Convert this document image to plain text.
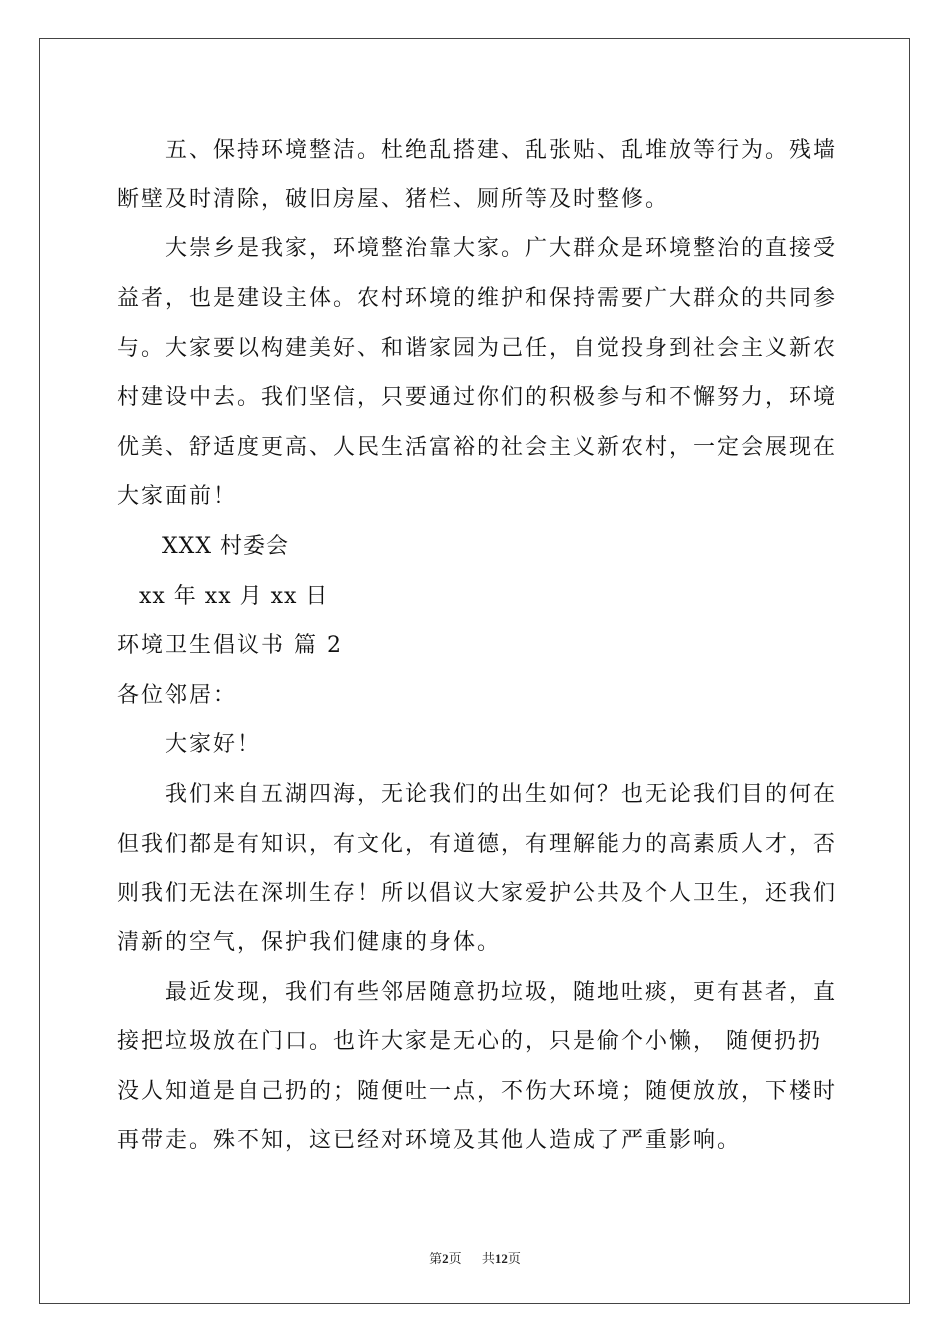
五、保持环境整洁。杜绝乱搭建、乱张贴、乱堆放等行为。残墙
断壁及时清除，破旧房屋、猪栏、厕所等及时整修。
大崇乡是我家，环境整治靠大家。广大群众是环境整治的直接受
益者，也是建设主体。农村环境的维护和保持需要广大群众的共同参
与。大家要以构建美好、和谐家园为己任，自觉投身到社会主义新农
村建设中去。我们坚信，只要通过你们的积极参与和不懈努力，环境
优美、舒适度更高、人民生活富裕的社会主义新农村，一定会展现在
大家面前！
XXX 村委会
xx 年 xx 月 xx 日
环境卫生倡议书 篇 2
各位邻居：
大家好！
我们来自五湖四海，无论我们的出生如何？也无论我们目的何在
但我们都是有知识，有文化，有道德，有理解能力的高素质人才，否
则我们无法在深圳生存！所以倡议大家爱护公共及个人卫生，还我们
清新的空气，保护我们健康的身体。
最近发现，我们有些邻居随意扔垃圾，随地吐痰，更有甚者，直
接把垃圾放在门口。也许大家是无心的，只是偷个小懒， 随便扔扔
没人知道是自己扔的；随便吐一点，不伤大环境；随便放放，下楼时
再带走。殊不知，这已经对环境及其他人造成了严重影响。
第2页 共12页
